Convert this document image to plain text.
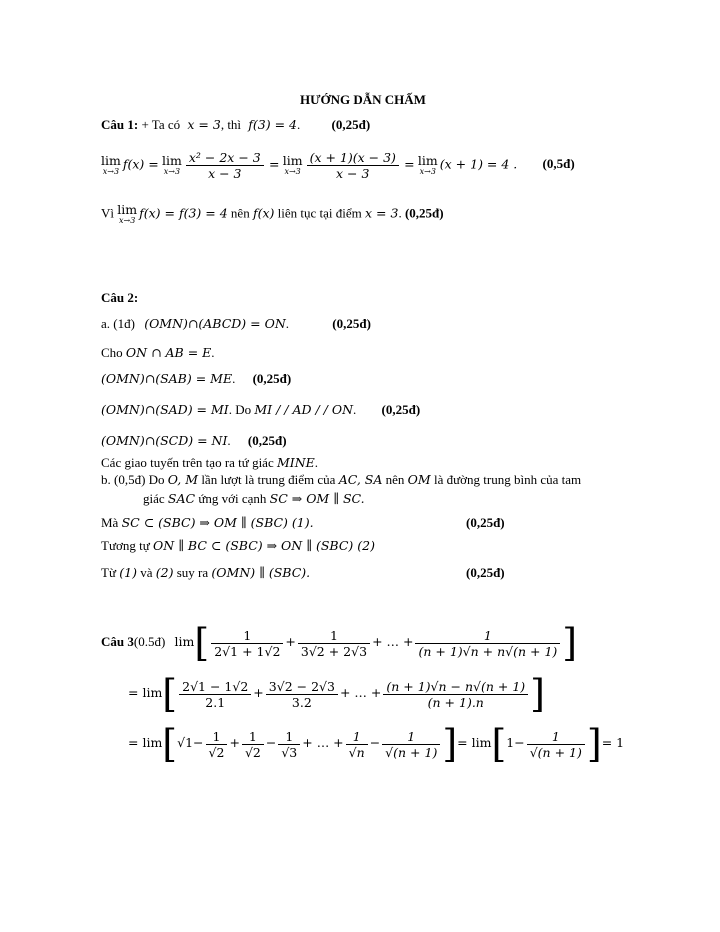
HƯỚNG DẪN CHẤM
Câu 1: + Ta có x = 3, thì f(3) = 4. (0,25đ)
lim
x→3
f(x) = lim
$x\to 3 \frac{\text{x² − 2x − 3}}{x - 3} = \lim$
$x\to 3 \frac{(x + 1)(x - 3)}{x - 3} = \lim$
x→3
(x + 1) = 4 . (0,5đ)
Vì lim
x→3
f(x) = f(3) = 4 nên f(x) liên tục tại điểm x = 3. (0,25đ)
Câu 2:
a. (1đ) (OMN)∩(ABCD) = ON.	(0,25đ)
Cho ON ∩ AB = E.
(OMN)∩(SAB) = ME. (0,25đ)
(OMN)∩(SAD) = MI. Do MI / / AD / / ON. (0,25đ)
(OMN)∩(SCD) = NI. (0,25đ)
Các giao tuyến trên tạo ra tứ giác MINE.
b. (0,5đ) Do O, M lần lượt là trung điểm của AC, SA nên OM là đường trung bình của tam
giác SAC ứng với cạnh SC ⇒ OM ∥ SC.
Mà SC ⊂ (SBC) ⇒ OM ∥ (SBC) (1).	(0,25đ)
Tương tự ON ∥ BC ⊂ (SBC) ⇒ ON ∥ (SBC) (2)
Từ (1) và (2) suy ra (OMN) ∥ (SBC).	(0,25đ)
Câu 3(0.5đ) $\lim[ \frac{1}{2√1 + 1√2} + \frac{1}{3√2 + 2√3}$ + … + $\frac{1}{(n + 1)√n + n√(n + 1)}$ ]
= $\lim[ \frac{2√1 - 1√2}{2.1} + \frac{3√2 - 2√3}{3.2}$ + … + $\frac{(n + 1)√n - n√(n + 1)}{(n + 1).n}$ ]
= $\lim[√1- \frac{1}{√2} + \frac{1}{√2} - \frac{1}{√3}$ + … + $\frac{1}{√n} - \frac{1}{√(n + 1)}$ ]= $\lim[1- \frac{1}{√(n + 1)}$ ]= 1
